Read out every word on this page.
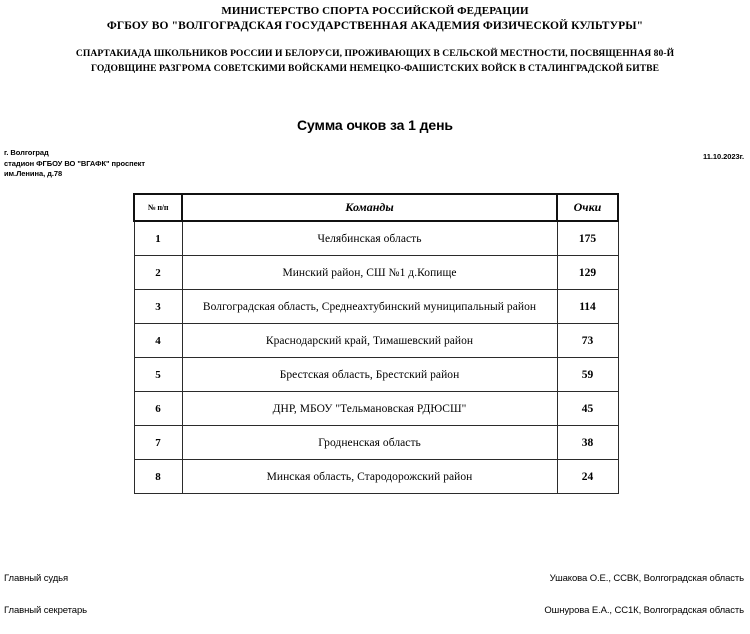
МИНИСТЕРСТВО СПОРТА РОССИЙСКОЙ ФЕДЕРАЦИИ
ФГБОУ ВО "ВОЛГОГРАДСКАЯ ГОСУДАРСТВЕННАЯ АКАДЕМИЯ ФИЗИЧЕСКОЙ КУЛЬТУРЫ"
СПАРТАКИАДА ШКОЛЬНИКОВ РОССИИ И БЕЛОРУСИ, ПРОЖИВАЮЩИХ В СЕЛЬСКОЙ МЕСТНОСТИ, ПОСВЯЩЕННАЯ 80-Й
ГОДОВЩИНЕ РАЗГРОМА СОВЕТСКИМИ ВОЙСКАМИ НЕМЕЦКО-ФАШИСТСКИХ ВОЙСК В СТАЛИНГРАДСКОЙ БИТВЕ
Сумма очков за 1 день
г. Волгоград
стадион ФГБОУ ВО "ВГАФК" проспект
им.Ленина, д.78
11.10.2023г.
№ п/п	Команды	Очки
1	Челябинская область	175
2	Минский район, СШ №1 д.Копище	129
3	Волгоградская область, Среднеахтубинский муниципальный район	114
4	Краснодарский край, Тимашевский район	73
5	Брестская область, Брестский район	59
6	ДНР, МБОУ "Тельмановская РДЮСШ"	45
7	Гродненская область	38
8	Минская область, Стародорожский район	24
Главный судья	Ушакова О.Е., ССВК, Волгоградская область
Главный секретарь	Ошнурова Е.А., СС1К, Волгоградская область
